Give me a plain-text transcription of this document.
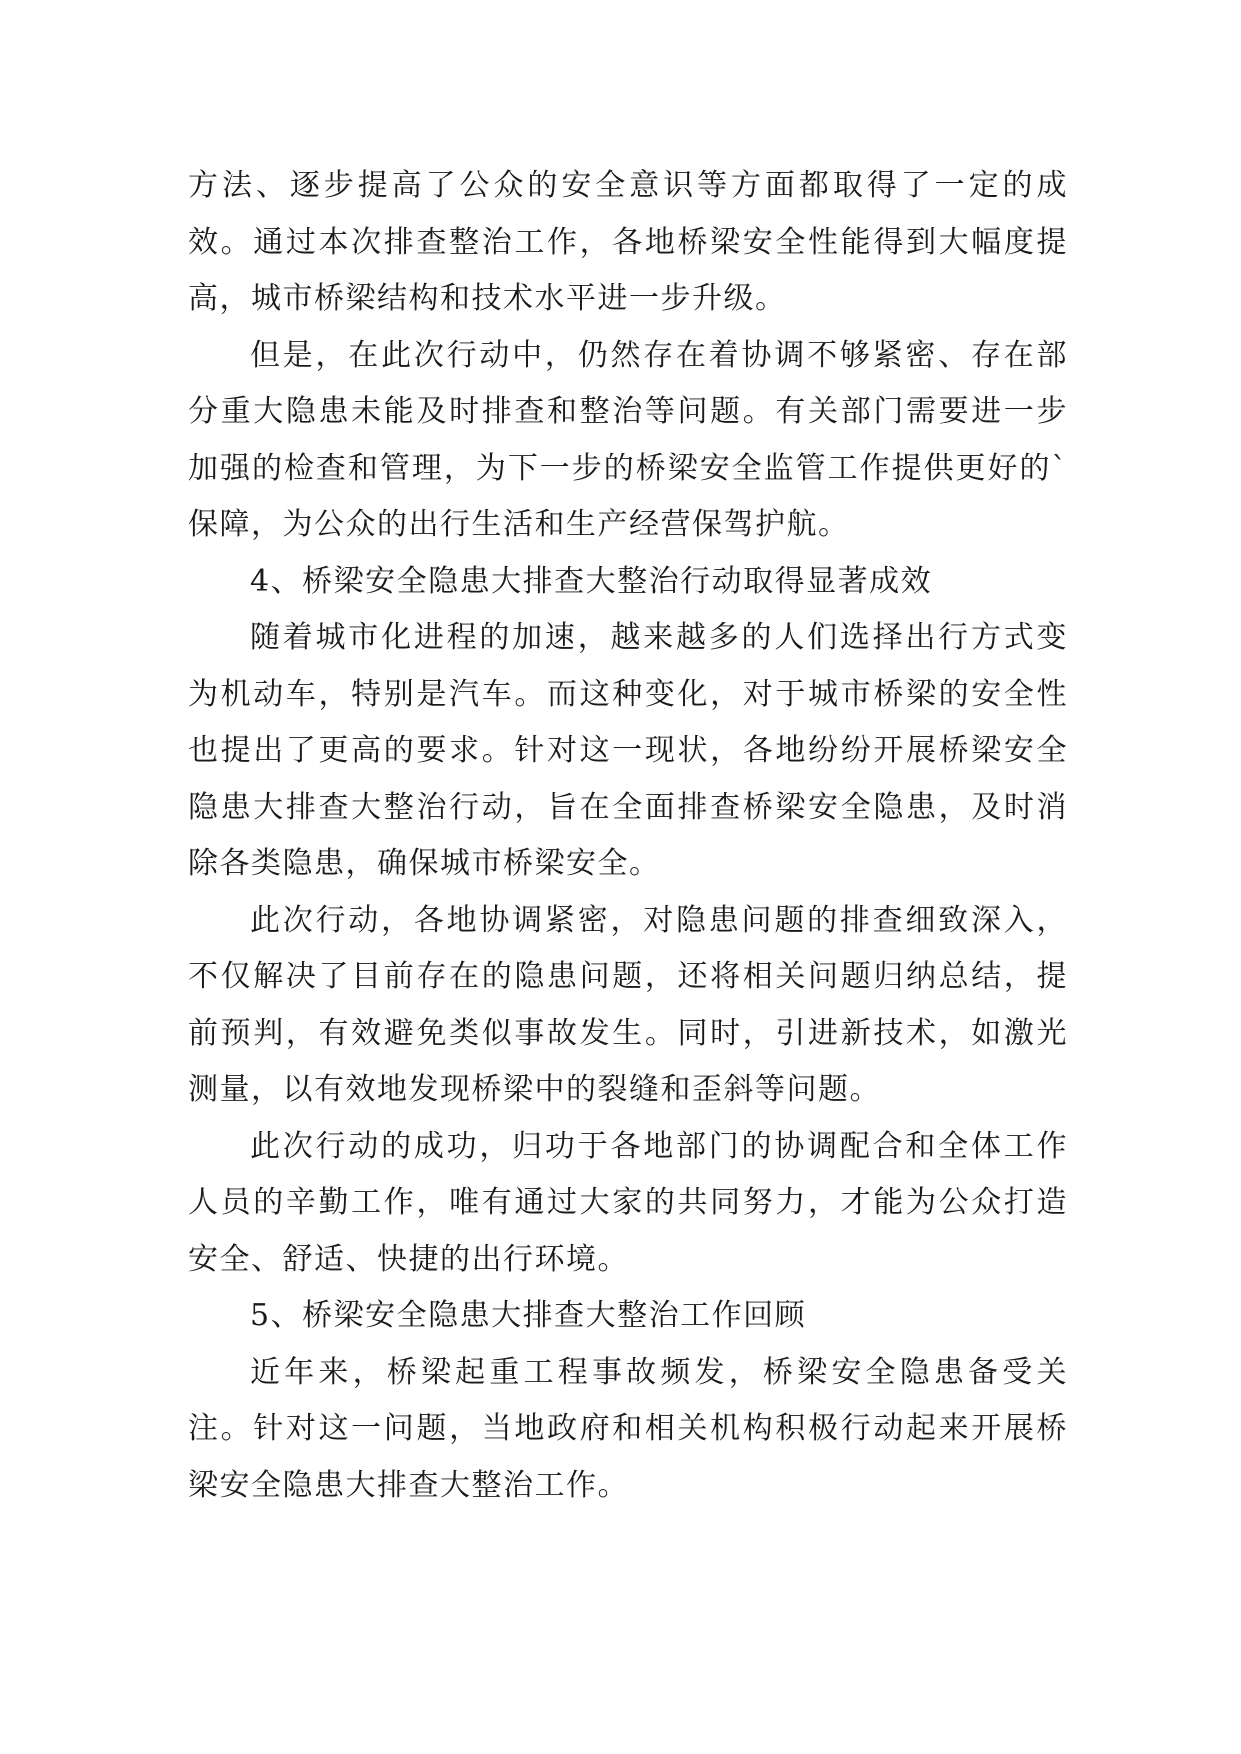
方法、逐步提高了公众的安全意识等方面都取得了一定的成效。通过本次排查整治工作，各地桥梁安全性能得到大幅度提高，城市桥梁结构和技术水平进一步升级。

但是，在此次行动中，仍然存在着协调不够紧密、存在部分重大隐患未能及时排查和整治等问题。有关部门需要进一步加强的检查和管理，为下一步的桥梁安全监管工作提供更好的`保障，为公众的出行生活和生产经营保驾护航。

4、桥梁安全隐患大排查大整治行动取得显著成效

随着城市化进程的加速，越来越多的人们选择出行方式变为机动车，特别是汽车。而这种变化，对于城市桥梁的安全性也提出了更高的要求。针对这一现状，各地纷纷开展桥梁安全隐患大排查大整治行动，旨在全面排查桥梁安全隐患，及时消除各类隐患，确保城市桥梁安全。

此次行动，各地协调紧密，对隐患问题的排查细致深入，不仅解决了目前存在的隐患问题，还将相关问题归纳总结，提前预判，有效避免类似事故发生。同时，引进新技术，如激光测量，以有效地发现桥梁中的裂缝和歪斜等问题。

此次行动的成功，归功于各地部门的协调配合和全体工作人员的辛勤工作，唯有通过大家的共同努力，才能为公众打造安全、舒适、快捷的出行环境。

5、桥梁安全隐患大排查大整治工作回顾

近年来，桥梁起重工程事故频发，桥梁安全隐患备受关注。针对这一问题，当地政府和相关机构积极行动起来开展桥梁安全隐患大排查大整治工作。
